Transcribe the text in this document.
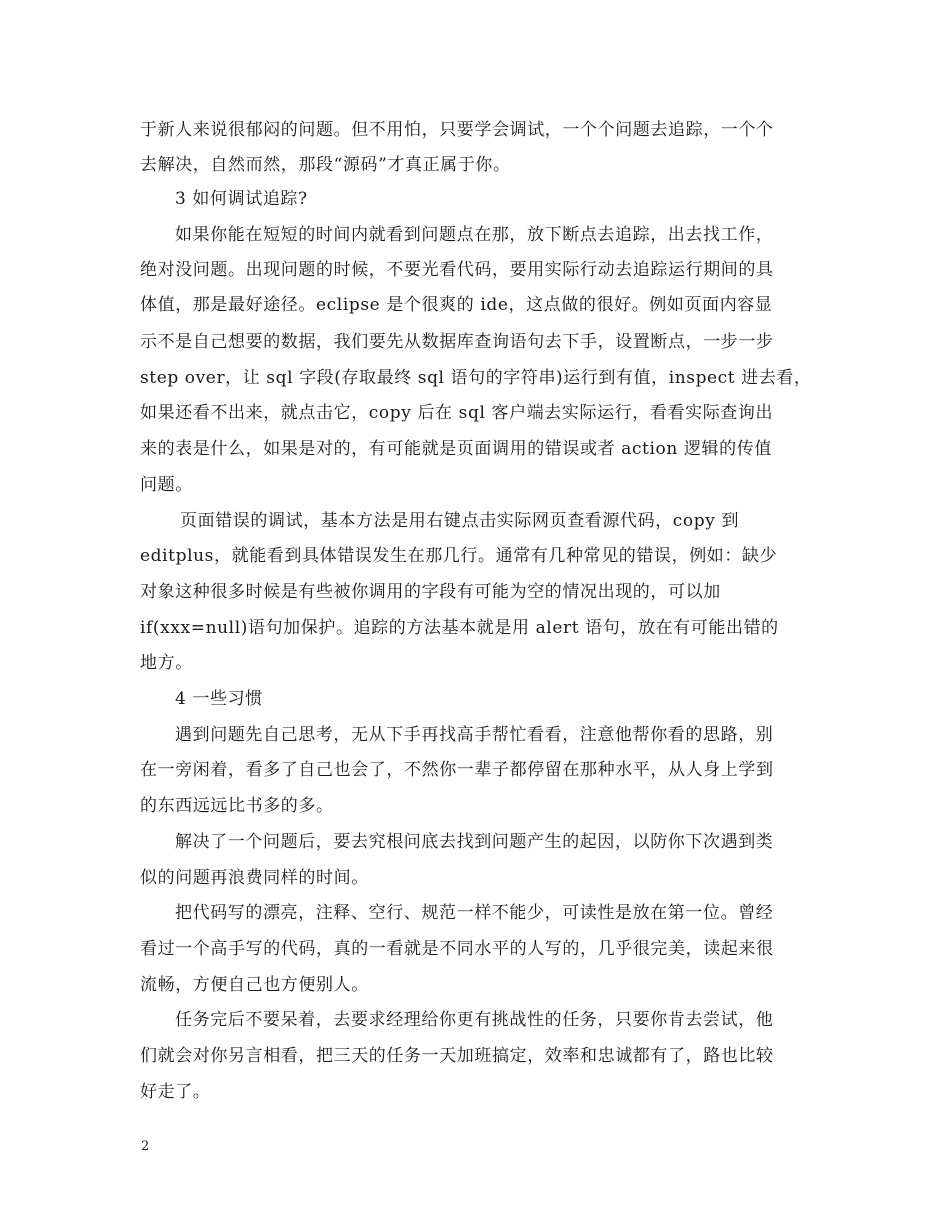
于新人来说很郁闷的问题。但不用怕，只要学会调试，一个个问题去追踪，一个个
去解决，自然而然，那段“源码”才真正属于你。
3 如何调试追踪?
如果你能在短短的时间内就看到问题点在那，放下断点去追踪，出去找工作，
绝对没问题。出现问题的时候，不要光看代码，要用实际行动去追踪运行期间的具
体值，那是最好途径。eclipse 是个很爽的 ide，这点做的很好。例如页面内容显
示不是自己想要的数据，我们要先从数据库查询语句去下手，设置断点，一步一步
step over，让 sql 字段(存取最终 sql 语句的字符串)运行到有值，inspect 进去看，
如果还看不出来，就点击它，copy 后在 sql 客户端去实际运行，看看实际查询出
来的表是什么，如果是对的，有可能就是页面调用的错误或者 action 逻辑的传值
问题。
页面错误的调试，基本方法是用右键点击实际网页查看源代码，copy 到
editplus，就能看到具体错误发生在那几行。通常有几种常见的错误，例如：缺少
对象这种很多时候是有些被你调用的字段有可能为空的情况出现的，可以加
if(xxx=null)语句加保护。追踪的方法基本就是用 alert 语句，放在有可能出错的
地方。
4 一些习惯
遇到问题先自己思考，无从下手再找高手帮忙看看，注意他帮你看的思路，别
在一旁闲着，看多了自己也会了，不然你一辈子都停留在那种水平，从人身上学到
的东西远远比书多的多。
解决了一个问题后，要去究根问底去找到问题产生的起因，以防你下次遇到类
似的问题再浪费同样的时间。
把代码写的漂亮，注释、空行、规范一样不能少，可读性是放在第一位。曾经
看过一个高手写的代码，真的一看就是不同水平的人写的，几乎很完美，读起来很
流畅，方便自己也方便别人。
任务完后不要呆着，去要求经理给你更有挑战性的任务，只要你肯去尝试，他
们就会对你另言相看，把三天的任务一天加班搞定，效率和忠诚都有了，路也比较
好走了。
2
